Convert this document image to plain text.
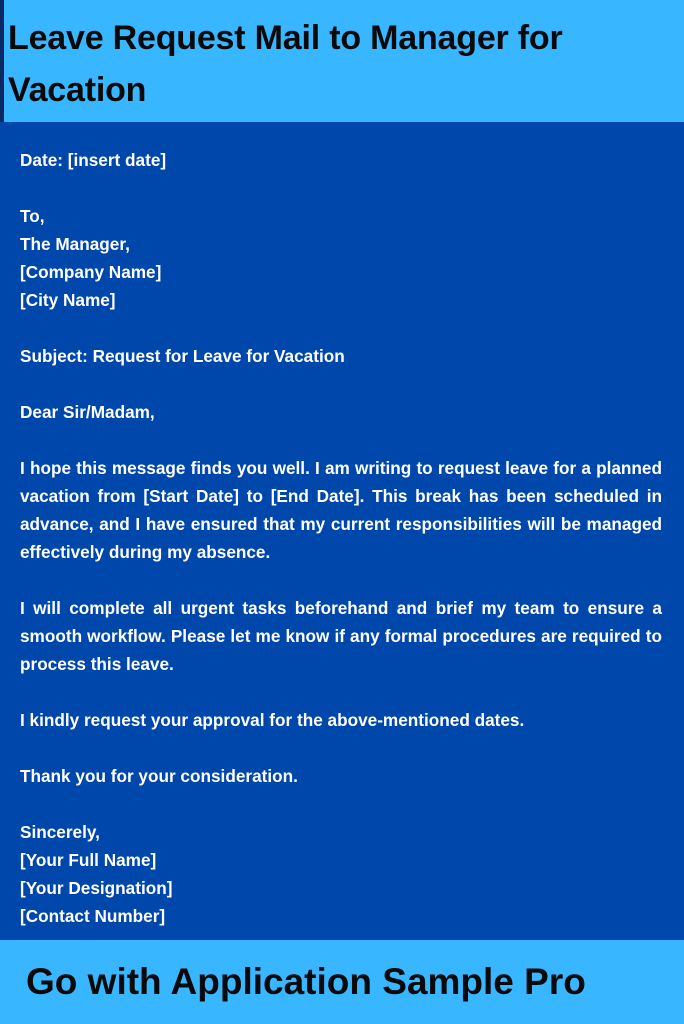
Leave Request Mail to Manager for Vacation
Date: [insert date]
To,
The Manager,
[Company Name]
[City Name]
Subject: Request for Leave for Vacation
Dear Sir/Madam,
I hope this message finds you well. I am writing to request leave for a planned vacation from [Start Date] to [End Date]. This break has been scheduled in advance, and I have ensured that my current responsibilities will be managed effectively during my absence.
I will complete all urgent tasks beforehand and brief my team to ensure a smooth workflow. Please let me know if any formal procedures are required to process this leave.
I kindly request your approval for the above-mentioned dates.
Thank you for your consideration.
Sincerely,
[Your Full Name]
[Your Designation]
[Contact Number]
Go with Application Sample Pro
